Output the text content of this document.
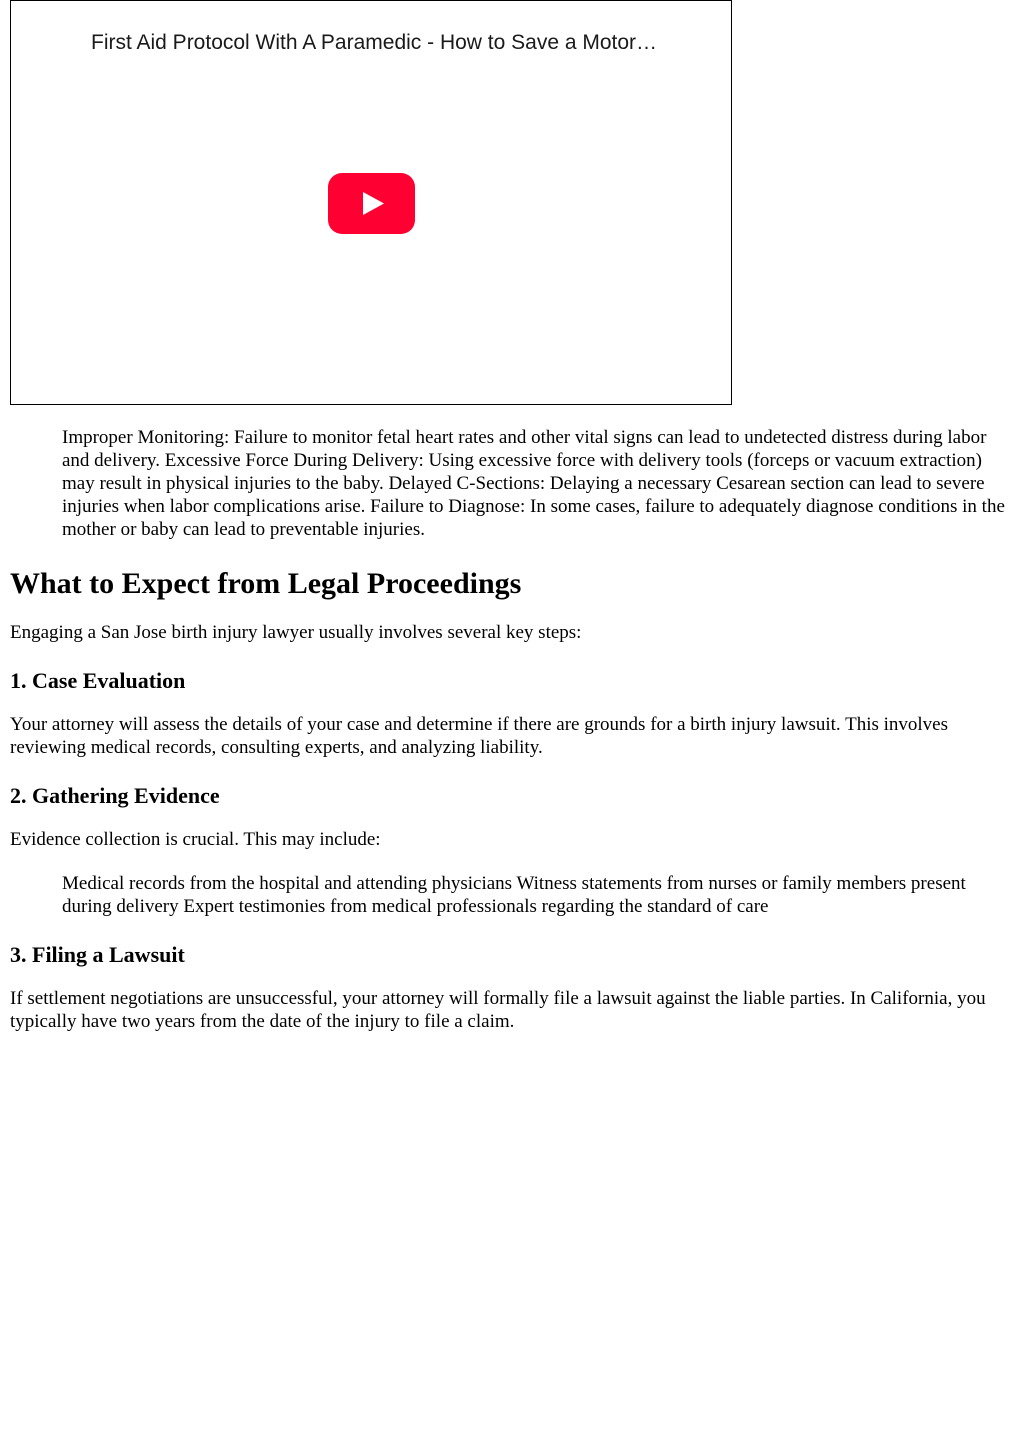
First Aid Protocol With A Paramedic - How to Save a Motor…

Improper Monitoring: Failure to monitor fetal heart rates and other vital signs can lead to undetected distress during labor and delivery. Excessive Force During Delivery: Using excessive force with delivery tools (forceps or vacuum extraction) may result in physical injuries to the baby. Delayed C-Sections: Delaying a necessary Cesarean section can lead to severe injuries when labor complications arise. Failure to Diagnose: In some cases, failure to adequately diagnose conditions in the mother or baby can lead to preventable injuries.

What to Expect from Legal Proceedings

Engaging a San Jose birth injury lawyer usually involves several key steps:

1. Case Evaluation

Your attorney will assess the details of your case and determine if there are grounds for a birth injury lawsuit. This involves reviewing medical records, consulting experts, and analyzing liability.

2. Gathering Evidence

Evidence collection is crucial. This may include:

Medical records from the hospital and attending physicians Witness statements from nurses or family members present during delivery Expert testimonies from medical professionals regarding the standard of care

3. Filing a Lawsuit

If settlement negotiations are unsuccessful, your attorney will formally file a lawsuit against the liable parties. In California, you typically have two years from the date of the injury to file a claim.
